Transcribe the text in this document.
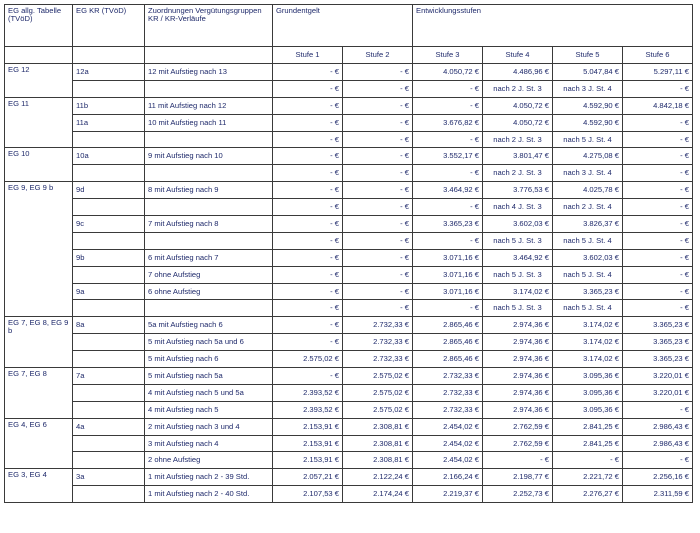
EG allg. Tabelle (TVöD)	EG KR (TVöD)	Zuordnungen Vergütungsgruppen KR / KR-Verläufe	Grundentgelt		Entwicklungsstufen			
			Stufe 1	Stufe 2	Stufe 3	Stufe 4	Stufe 5	Stufe 6
EG 12	12a	12 mit Aufstieg nach 13	- €	- €	4.050,72 €	4.486,96 €	5.047,84 €	5.297,11 €
			- €	- €	- €	nach 2 J. St. 3	nach 3 J. St. 4	- €
EG 11	11b	11 mit Aufstieg nach 12	- €	- €	- €	4.050,72 €	4.592,90 €	4.842,18 €
	11a	10 mit Aufstieg nach 11	- €	- €	3.676,82 €	4.050,72 €	4.592,90 €	- €
			- €	- €	- €	nach 2 J. St. 3	nach 5 J. St. 4	- €
EG 10	10a	9 mit Aufstieg nach 10	- €	- €	3.552,17 €	3.801,47 €	4.275,08 €	- €
			- €	- €	- €	nach 2 J. St. 3	nach 3 J. St. 4	- €
EG 9, EG 9 b	9d	8 mit Aufstieg nach 9	- €	- €	3.464,92 €	3.776,53 €	4.025,78 €	- €
			- €	- €	- €	nach 4 J. St. 3	nach 2 J. St. 4	- €
	9c	7 mit Aufstieg nach 8	- €	- €	3.365,23 €	3.602,03 €	3.826,37 €	- €
			- €	- €	- €	nach 5 J. St. 3	nach 5 J. St. 4	- €
	9b	6 mit Aufstieg nach 7	- €	- €	3.071,16 €	3.464,92 €	3.602,03 €	- €
		7 ohne Aufstieg	- €	- €	3.071,16 €	nach 5 J. St. 3	nach 5 J. St. 4	- €
	9a	6 ohne Aufstieg	- €	- €	3.071,16 €	3.174,02 €	3.365,23 €	- €
			- €	- €	- €	nach 5 J. St. 3	nach 5 J. St. 4	- €
EG 7, EG 8, EG 9 b	8a	5a mit Aufstieg nach 6	- €	2.732,33 €	2.865,46 €	2.974,36 €	3.174,02 €	3.365,23 €
		5 mit Aufstieg nach 5a und 6	- €	2.732,33 €	2.865,46 €	2.974,36 €	3.174,02 €	3.365,23 €
		5 mit Aufstieg nach 6	2.575,02 €	2.732,33 €	2.865,46 €	2.974,36 €	3.174,02 €	3.365,23 €
EG 7, EG 8	7a	5 mit Aufstieg nach 5a	- €	2.575,02 €	2.732,33 €	2.974,36 €	3.095,36 €	3.220,01 €
		4 mit Aufstieg nach 5 und 5a	2.393,52 €	2.575,02 €	2.732,33 €	2.974,36 €	3.095,36 €	3.220,01 €
		4 mit Aufstieg nach 5	2.393,52 €	2.575,02 €	2.732,33 €	2.974,36 €	3.095,36 €	- €
EG 4, EG 6	4a	2 mit Aufstieg nach 3 und 4	2.153,91 €	2.308,81 €	2.454,02 €	2.762,59 €	2.841,25 €	2.986,43 €
		3 mit Aufstieg nach 4	2.153,91 €	2.308,81 €	2.454,02 €	2.762,59 €	2.841,25 €	2.986,43 €
		2 ohne Aufstieg	2.153,91 €	2.308,81 €	2.454,02 €	- €	- €	- €
EG 3, EG 4	3a	1 mit Aufstieg nach 2 - 39 Std.	2.057,21 €	2.122,24 €	2.166,24 €	2.198,77 €	2.221,72 €	2.256,16 €
		1 mit Aufstieg nach 2 - 40 Std.	2.107,53 €	2.174,24 €	2.219,37 €	2.252,73 €	2.276,27 €	2.311,59 €
